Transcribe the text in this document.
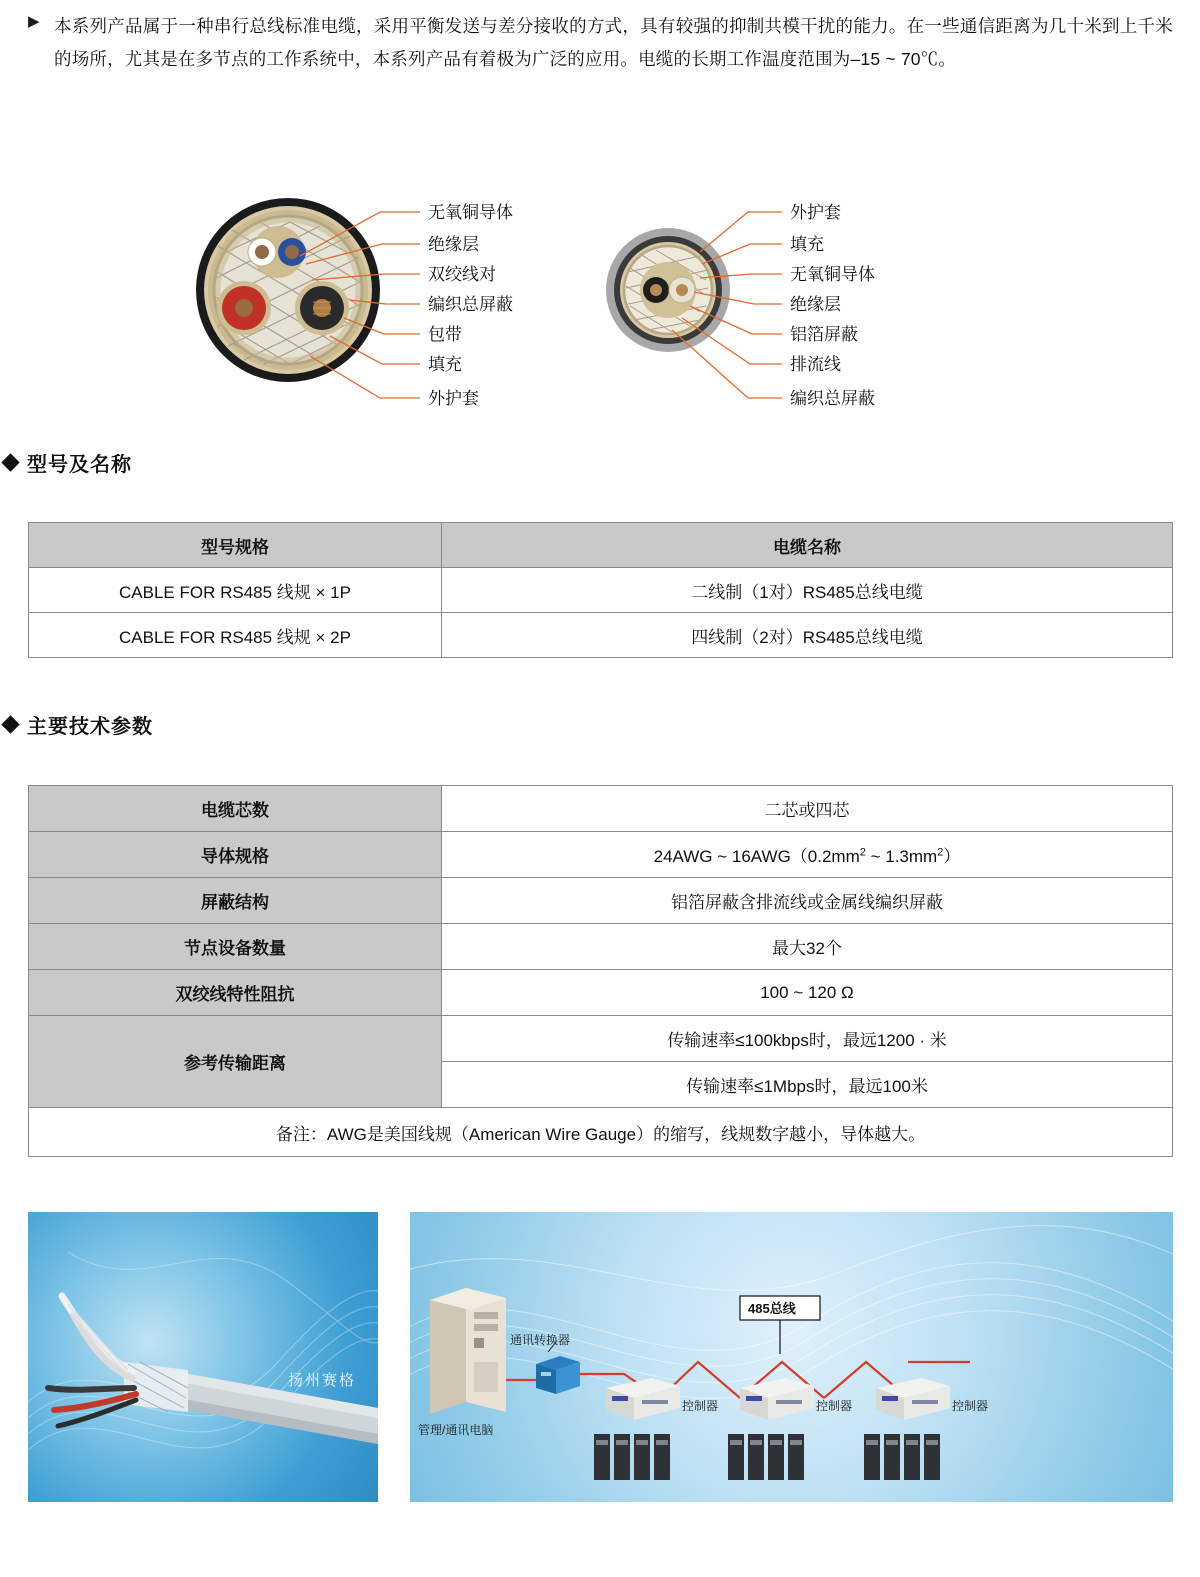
▶ 本系列产品属于一种串行总线标准电缆，采用平衡发送与差分接收的方式，具有较强的抑制共模干扰的能力。在一些通信距离为几十米到上千米的场所，尤其是在多节点的工作系统中，本系列产品有着极为广泛的应用。电缆的长期工作温度范围为–15 ~ 70℃。
无氧铜导体
绝缘层
双绞线对
编织总屏蔽
包带
填充
外护套
外护套
填充
无氧铜导体
绝缘层
铝箔屏蔽
排流线
编织总屏蔽
型号及名称
型号规格	电缆名称
CABLE FOR RS485 线规 × 1P	二线制（1对）RS485总线电缆
CABLE FOR RS485 线规 × 2P	四线制（2对）RS485总线电缆
主要技术参数
电缆芯数	二芯或四芯
导体规格	24AWG ~ $16AWG(0.2mm^2$ ~ $1.3mm^2$）
屏蔽结构	铝箔屏蔽含排流线或金属线编织屏蔽
节点设备数量	最大32个
双绞线特性阻抗	100 ~ 120 Ω
参考传输距离	传输速率≤100kbps时，最远1200 · 米
	传输速率≤1Mbps时，最远100米
备注：AWG是美国线规（American Wire Gauge）的缩写，线规数字越小，导体越大。	
扬州赛格
管理/通讯电脑
通讯转换器
485总线
控制器	控制器	控制器
